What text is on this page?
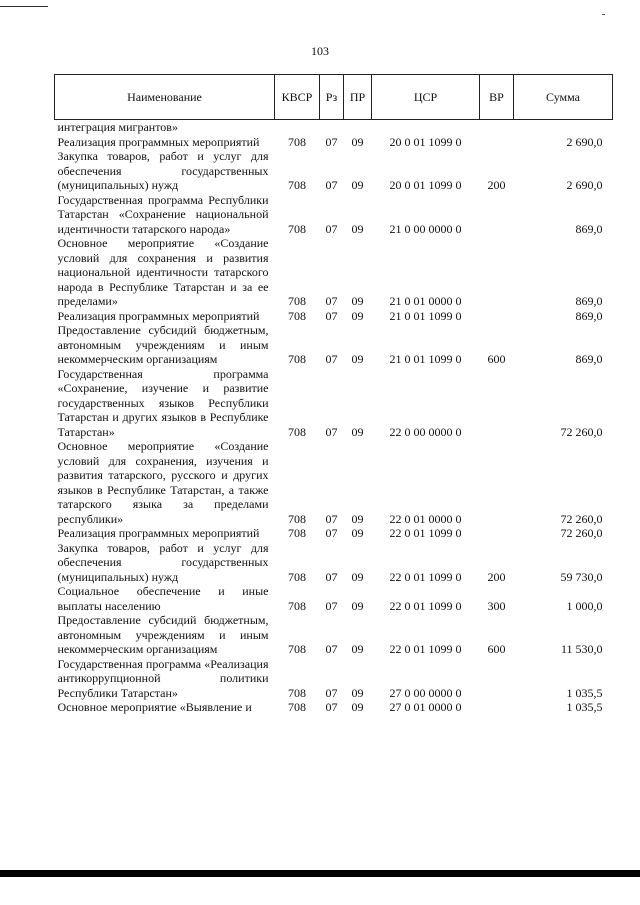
103
Наименование	КВСР	Рз	ПР	ЦСР	ВР	Сумма
интеграция мигрантов»						
Реализация программных мероприятий	708	07	09	20 0 01 1099 0		2 690,0
Закупка товаров, работ и услуг для обеспечения государственных (муниципальных) нужд	708	07	09	20 0 01 1099 0	200	2 690,0
Государственная программа Республики Татарстан «Сохранение национальной идентичности татарского народа»	708	07	09	21 0 00 0000 0		869,0
Основное мероприятие «Создание условий для сохранения и развития национальной идентичности татарского народа в Республике Татарстан и за ее пределами»	708	07	09	21 0 01 0000 0		869,0
Реализация программных мероприятий	708	07	09	21 0 01 1099 0		869,0
Предоставление субсидий бюджетным, автономным учреждениям и иным некоммерческим организациям	708	07	09	21 0 01 1099 0	600	869,0
Государственная программа «Сохранение, изучение и развитие государственных языков Республики Татарстан и других языков в Республике Татарстан»	708	07	09	22 0 00 0000 0		72 260,0
Основное мероприятие «Создание условий для сохранения, изучения и развития татарского, русского и других языков в Республике Татарстан, а также татарского языка за пределами республики»	708	07	09	22 0 01 0000 0		72 260,0
Реализация программных мероприятий	708	07	09	22 0 01 1099 0		72 260,0
Закупка товаров, работ и услуг для обеспечения государственных (муниципальных) нужд	708	07	09	22 0 01 1099 0	200	59 730,0
Социальное обеспечение и иные выплаты населению	708	07	09	22 0 01 1099 0	300	1 000,0
Предоставление субсидий бюджетным, автономным учреждениям и иным некоммерческим организациям	708	07	09	22 0 01 1099 0	600	11 530,0
Государственная программа «Реализация антикоррупционной политики Республики Татарстан»	708	07	09	27 0 00 0000 0		1 035,5
Основное мероприятие «Выявление и	708	07	09	27 0 01 0000 0		1 035,5
